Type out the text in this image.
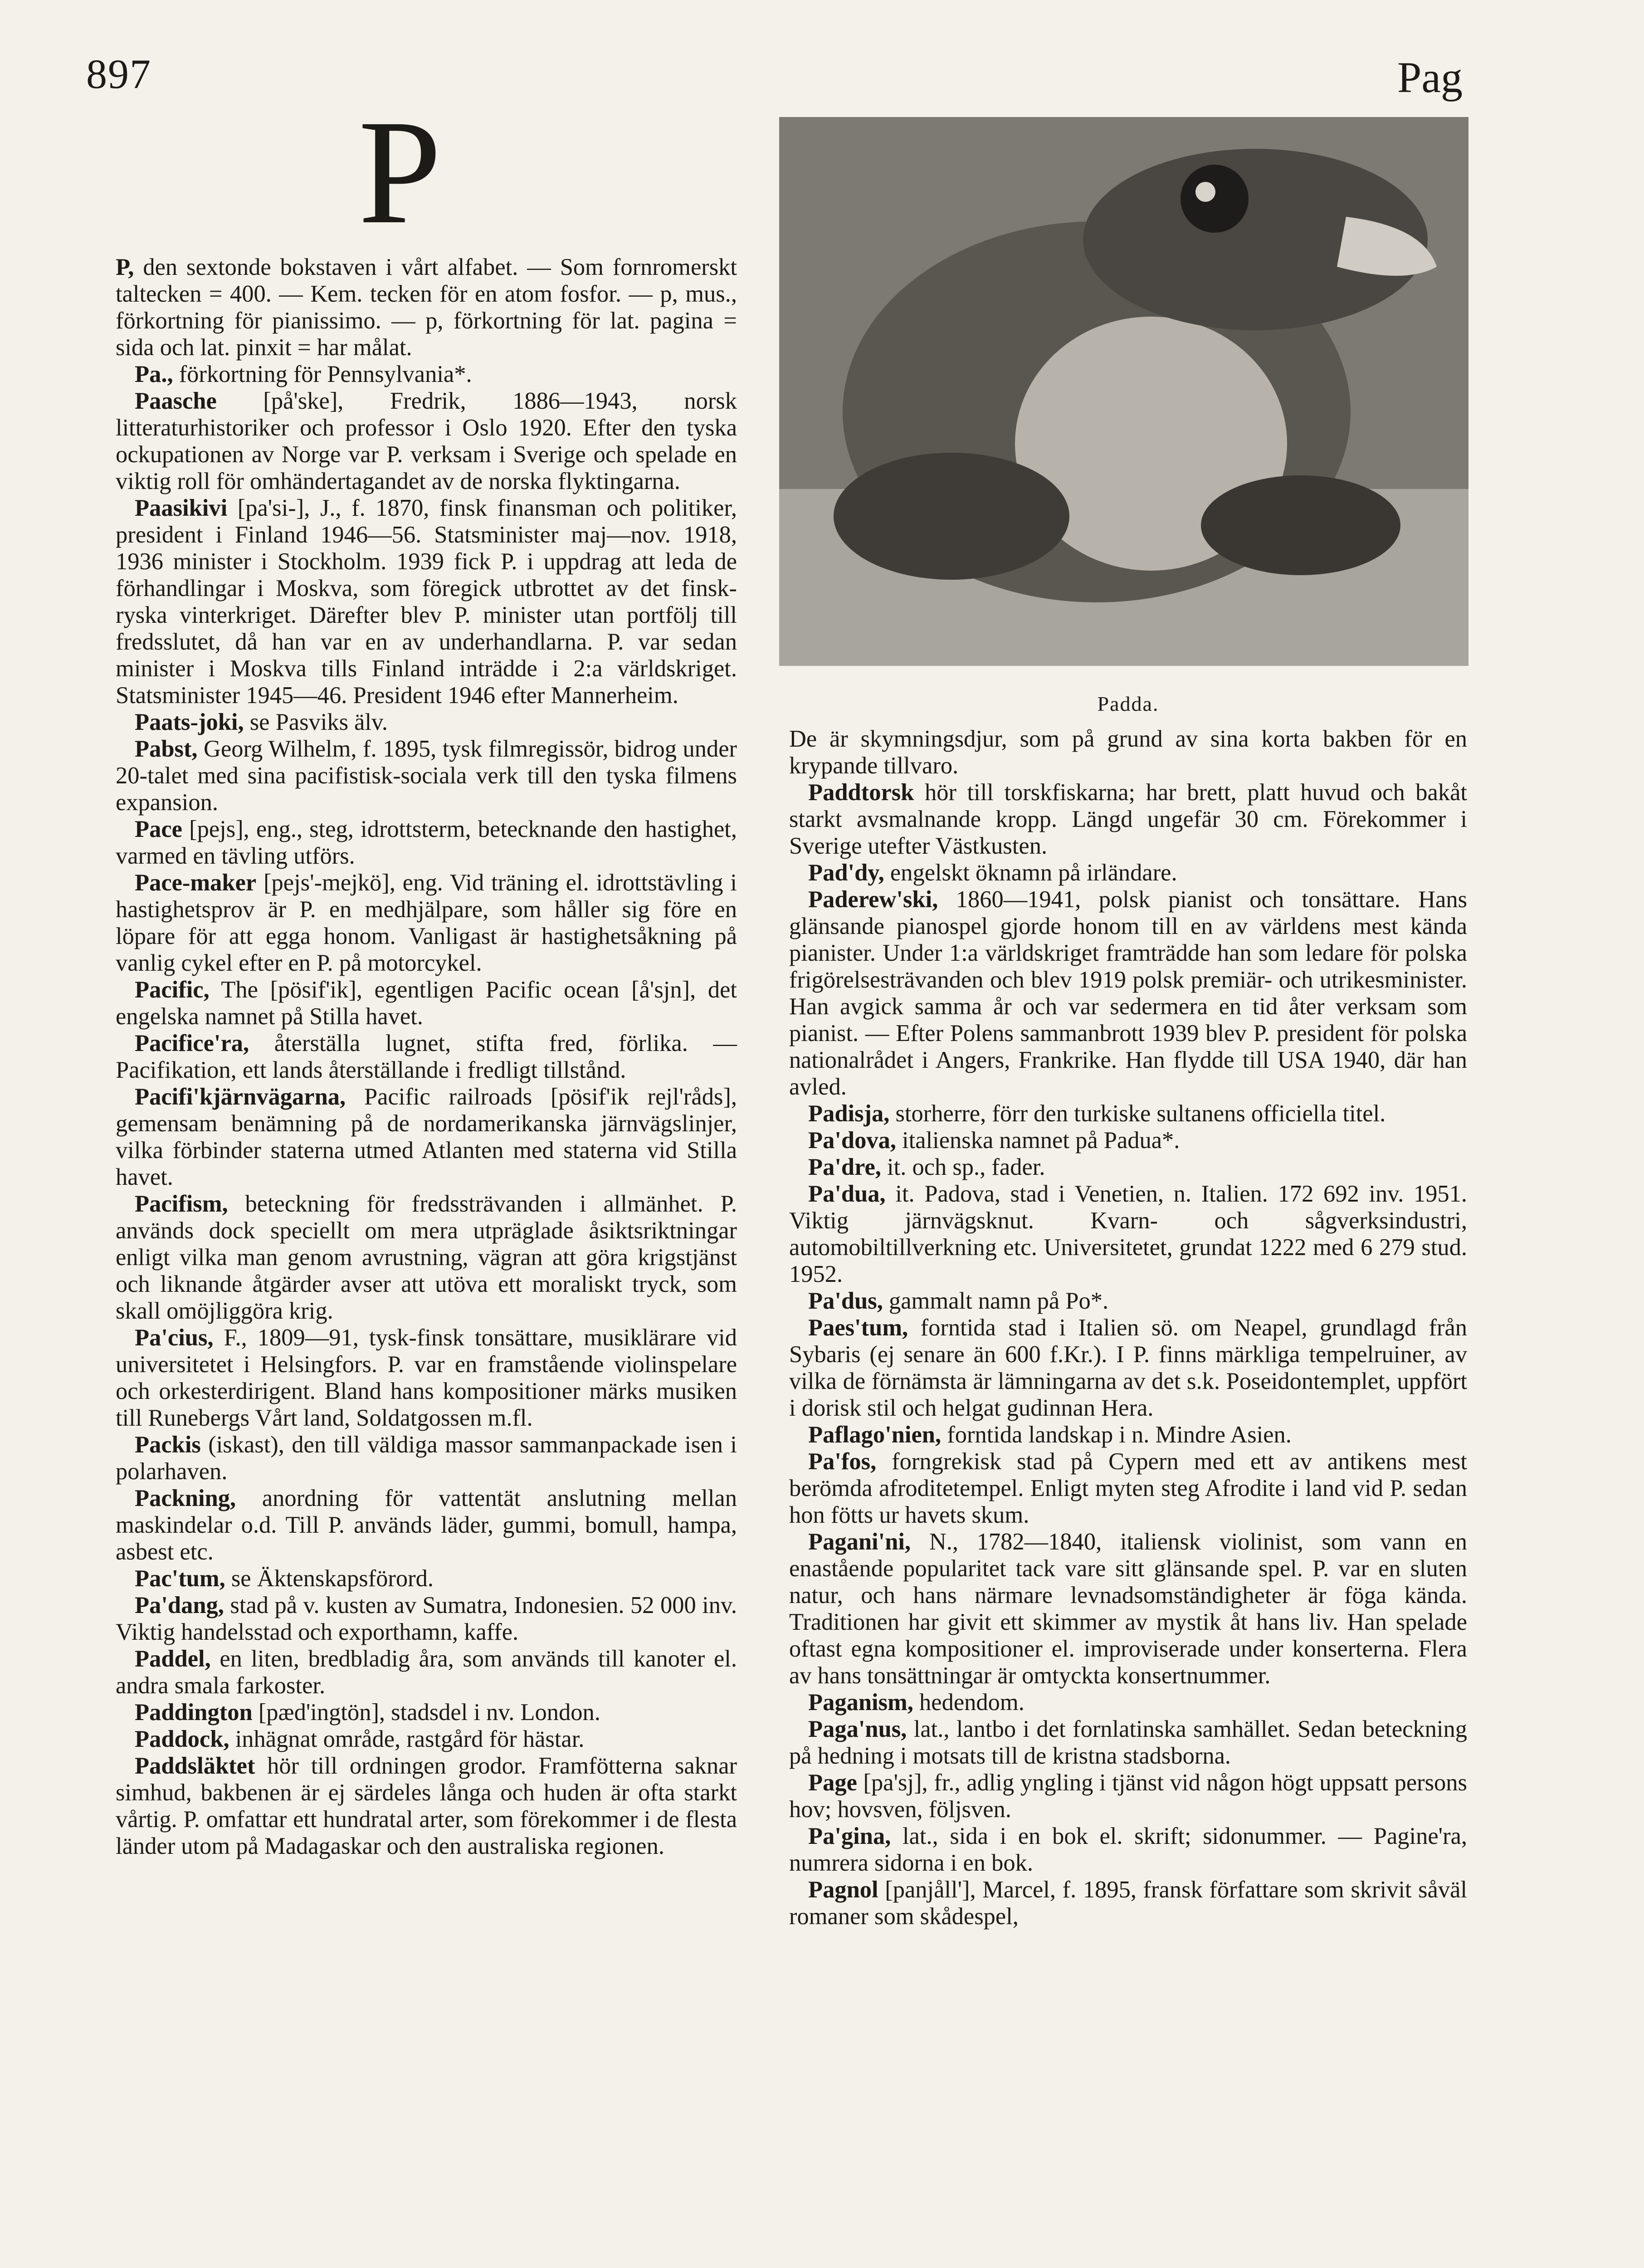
897	Pag
P
Padda.

P, den sextonde bokstaven i vårt alfabet. — Som fornromerskt taltecken = 400. — Kem. tecken för en atom fosfor. — p, mus., förkortning för pianissimo. — p, förkortning för lat. pagina = sida och lat. pinxit = har målat.

Pa., förkortning för Pennsylvania*.

Paasche [på'ske], Fredrik, 1886—1943, norsk litteraturhistoriker och professor i Oslo 1920. Efter den tyska ockupationen av Norge var P. verksam i Sverige och spelade en viktig roll för omhändertagandet av de norska flyktingarna.

Paasikivi [pa'si-], J., f. 1870, finsk finansman och politiker, president i Finland 1946—56. Statsminister maj—nov. 1918, 1936 minister i Stockholm. 1939 fick P. i uppdrag att leda de förhandlingar i Moskva, som föregick utbrottet av det finsk-ryska vinterkriget. Därefter blev P. minister utan portfölj till fredsslutet, då han var en av underhandlarna. P. var sedan minister i Moskva tills Finland inträdde i 2:a världskriget. Statsminister 1945—46. President 1946 efter Mannerheim.

Paats-joki, se Pasviks älv.

Pabst, Georg Wilhelm, f. 1895, tysk filmregissör, bidrog under 20-talet med sina pacifistisk-sociala verk till den tyska filmens expansion.

Pace [pejs], eng., steg, idrottsterm, betecknande den hastighet, varmed en tävling utförs.

Pace-maker [pejs'-mejkö], eng. Vid träning el. idrottstävling i hastighetsprov är P. en medhjälpare, som håller sig före en löpare för att egga honom. Vanligast är hastighetsåkning på vanlig cykel efter en P. på motorcykel.

Pacific, The [pösif'ik], egentligen Pacific ocean [å'sjn], det engelska namnet på Stilla havet.

Pacifice'ra, återställa lugnet, stifta fred, förlika. — Pacifikation, ett lands återställande i fredligt tillstånd.

Pacifi'kjärnvägarna, Pacific railroads [pösif'ik rejl'råds], gemensam benämning på de nordamerikanska järnvägslinjer, vilka förbinder staterna utmed Atlanten med staterna vid Stilla havet.

Pacifism, beteckning för fredssträvanden i allmänhet. P. används dock speciellt om mera utpräglade åsiktsriktningar enligt vilka man genom avrustning, vägran att göra krigstjänst och liknande åtgärder avser att utöva ett moraliskt tryck, som skall omöjliggöra krig.

Pa'cius, F., 1809—91, tysk-finsk tonsättare, musiklärare vid universitetet i Helsingfors. P. var en framstående violinspelare och orkesterdirigent. Bland hans kompositioner märks musiken till Runebergs Vårt land, Soldatgossen m.fl.

Packis (iskast), den till väldiga massor sammanpackade isen i polarhaven.

Packning, anordning för vattentät anslutning mellan maskindelar o.d. Till P. används läder, gummi, bomull, hampa, asbest etc.

Pac'tum, se Äktenskapsförord.

Pa'dang, stad på v. kusten av Sumatra, Indonesien. 52 000 inv. Viktig handelsstad och exporthamn, kaffe.

Paddel, en liten, bredbladig åra, som används till kanoter el. andra smala farkoster.

Paddington [pæd'ingtön], stadsdel i nv. London.

Paddock, inhägnat område, rastgård för hästar.

Paddsläktet hör till ordningen grodor. Framfötterna saknar simhud, bakbenen är ej särdeles långa och huden är ofta starkt vårtig. P. omfattar ett hundratal arter, som förekommer i de flesta länder utom på Madagaskar och den australiska regionen.

De är skymningsdjur, som på grund av sina korta bakben för en krypande tillvaro.

Paddtorsk hör till torskfiskarna; har brett, platt huvud och bakåt starkt avsmalnande kropp. Längd ungefär 30 cm. Förekommer i Sverige utefter Västkusten.

Pad'dy, engelskt öknamn på irländare.

Paderew'ski, 1860—1941, polsk pianist och tonsättare. Hans glänsande pianospel gjorde honom till en av världens mest kända pianister. Under 1:a världskriget framträdde han som ledare för polska frigörelsesträvanden och blev 1919 polsk premiär- och utrikesminister. Han avgick samma år och var sedermera en tid åter verksam som pianist. — Efter Polens sammanbrott 1939 blev P. president för polska nationalrådet i Angers, Frankrike. Han flydde till USA 1940, där han avled.

Padisja, storherre, förr den turkiske sultanens officiella titel.

Pa'dova, italienska namnet på Padua*.

Pa'dre, it. och sp., fader.

Pa'dua, it. Padova, stad i Venetien, n. Italien. 172 692 inv. 1951. Viktig järnvägsknut. Kvarn- och sågverksindustri, automobiltillverkning etc. Universitetet, grundat 1222 med 6 279 stud. 1952.

Pa'dus, gammalt namn på Po*.

Paes'tum, forntida stad i Italien sö. om Neapel, grundlagd från Sybaris (ej senare än 600 f.Kr.). I P. finns märkliga tempelruiner, av vilka de förnämsta är lämningarna av det s.k. Poseidontemplet, uppfört i dorisk stil och helgat gudinnan Hera.

Paflago'nien, forntida landskap i n. Mindre Asien.

Pa'fos, forngrekisk stad på Cypern med ett av antikens mest berömda afroditetempel. Enligt myten steg Afrodite i land vid P. sedan hon fötts ur havets skum.

Pagani'ni, N., 1782—1840, italiensk violinist, som vann en enastående popularitet tack vare sitt glänsande spel. P. var en sluten natur, och hans närmare levnadsomständigheter är föga kända. Traditionen har givit ett skimmer av mystik åt hans liv. Han spelade oftast egna kompositioner el. improviserade under konserterna. Flera av hans tonsättningar är omtyckta konsertnummer.

Paganism, hedendom.

Paga'nus, lat., lantbo i det fornlatinska samhället. Sedan beteckning på hedning i motsats till de kristna stadsborna.

Page [pa'sj], fr., adlig yngling i tjänst vid någon högt uppsatt persons hov; hovsven, följsven.

Pa'gina, lat., sida i en bok el. skrift; sidonummer. — Pagine'ra, numrera sidorna i en bok.

Pagnol [panjåll'], Marcel, f. 1895, fransk författare som skrivit såväl romaner som skådespel,
